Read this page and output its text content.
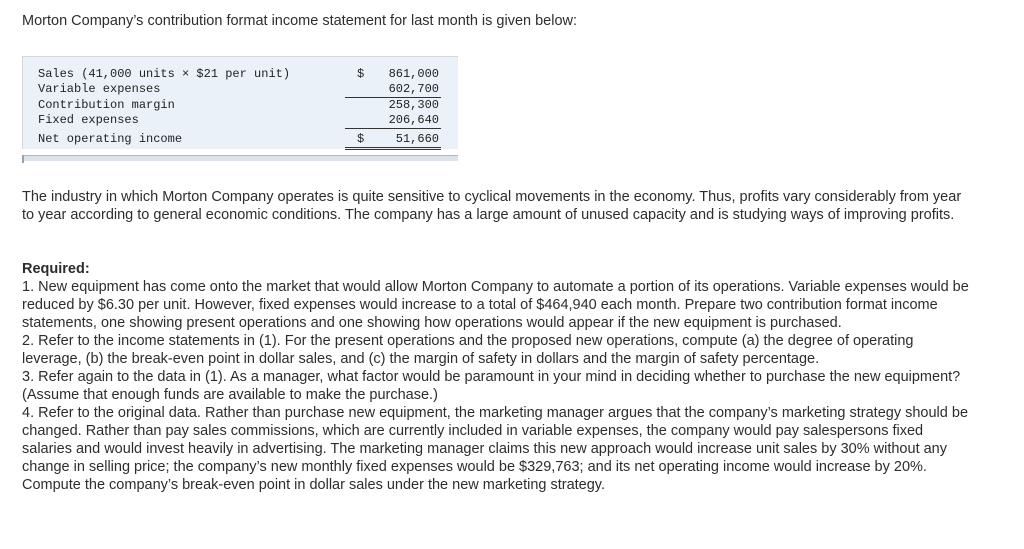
Morton Company’s contribution format income statement for last month is given below:

Sales (41,000 units × $21 per unit)	$ 861,000
Variable expenses	602,700
Contribution margin	258,300
Fixed expenses	206,640
Net operating income	$	51,660

The industry in which Morton Company operates is quite sensitive to cyclical movements in the economy. Thus, profits vary considerably from year to year according to general economic conditions. The company has a large amount of unused capacity and is studying ways of improving profits.

Required:

1. New equipment has come onto the market that would allow Morton Company to automate a portion of its operations. Variable expenses would be reduced by $6.30 per unit. However, fixed expenses would increase to a total of $464,940 each month. Prepare two contribution format income statements, one showing present operations and one showing how operations would appear if the new equipment is purchased.
2. Refer to the income statements in (1). For the present operations and the proposed new operations, compute (a) the degree of operating leverage, (b) the break-even point in dollar sales, and (c) the margin of safety in dollars and the margin of safety percentage.
3. Refer again to the data in (1). As a manager, what factor would be paramount in your mind in deciding whether to purchase the new equipment? (Assume that enough funds are available to make the purchase.)
4. Refer to the original data. Rather than purchase new equipment, the marketing manager argues that the company’s marketing strategy should be changed. Rather than pay sales commissions, which are currently included in variable expenses, the company would pay salespersons fixed salaries and would invest heavily in advertising. The marketing manager claims this new approach would increase unit sales by 30% without any change in selling price; the company’s new monthly fixed expenses would be $329,763; and its net operating income would increase by 20%. Compute the company’s break-even point in dollar sales under the new marketing strategy.
